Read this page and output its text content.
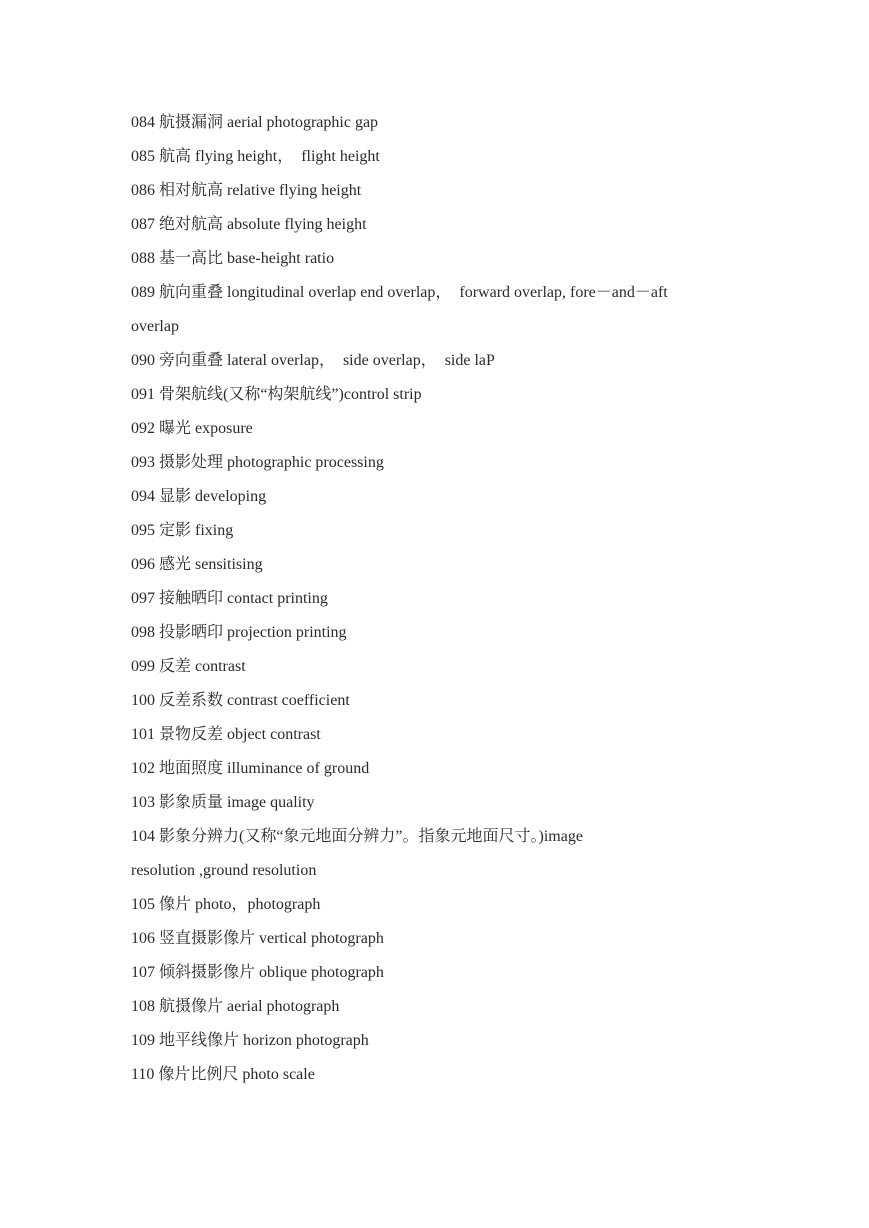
084 航摄漏洞 aerial photographic gap
085 航高 flying height，　flight height
086 相对航高 relative flying height
087 绝对航高 absolute flying height
088 基一高比 base-height ratio
089 航向重叠 longitudinal overlap end overlap，　forward overlap, fore－and－aft
overlap
090 旁向重叠 lateral overlap，　side overlap，　side laP
091 骨架航线(又称“构架航线”)control strip
092 曝光 exposure
093 摄影处理 photographic processing
094 显影 developing
095 定影 fixing
096 感光 sensitising
097 接触晒印 contact printing
098 投影晒印 projection printing
099 反差 contrast
100 反差系数 contrast coefficient
101 景物反差 object contrast
102 地面照度 illuminance of ground
103 影象质量 image quality
104 影象分辨力(又称“象元地面分辨力”。指象元地面尺寸。)image
resolution ,ground resolution
105 像片 photo，photograph
106 竖直摄影像片 vertical photograph
107 倾斜摄影像片 oblique photograph
108 航摄像片 aerial photograph
109 地平线像片 horizon photograph
110 像片比例尺 photo scale
